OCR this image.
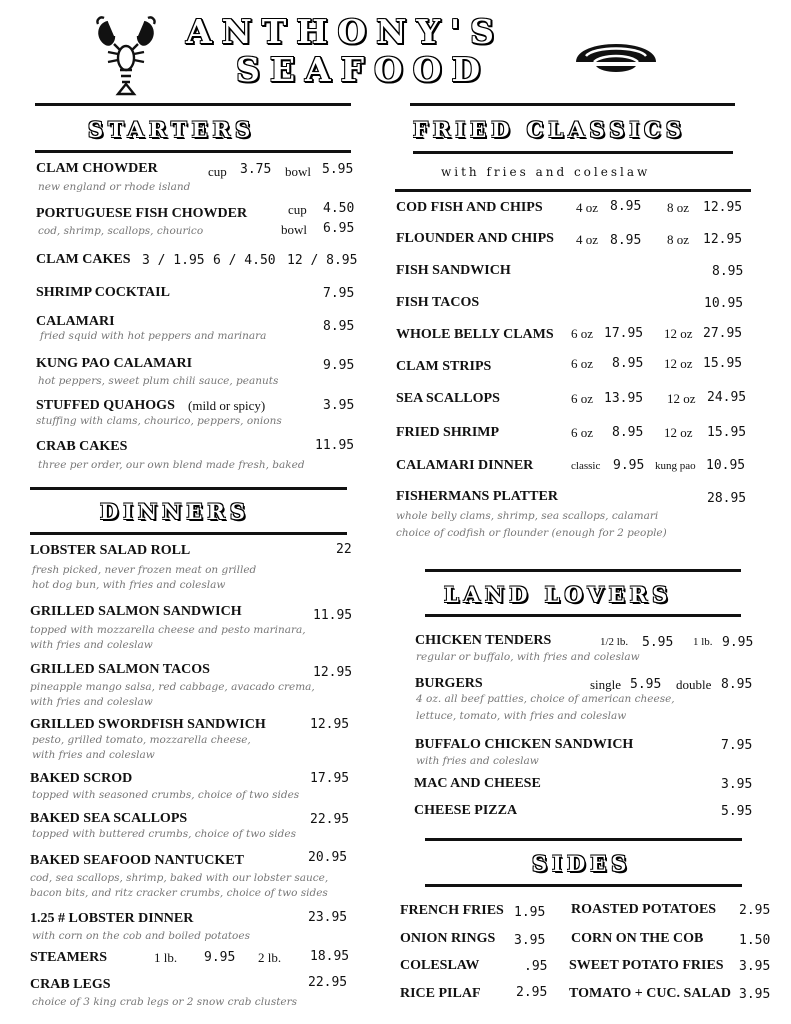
ANTHONY'S
SEAFOOD
STARTERS
CLAM CHOWDER	cup 3.75 bowl 5.95
new england or rhode island
PORTUGUESE FISH CHOWDER	cup 4.50
bowl 6.95
cod, shrimp, scallops, chourico
CLAM CAKES 3 / 1.95 6 / 4.50 12 / 8.95
SHRIMP COCKTAIL	7.95
CALAMARI	8.95
fried squid with hot peppers and marinara
KUNG PAO CALAMARI	9.95
hot peppers, sweet plum chili sauce, peanuts
STUFFED QUAHOGS (mild or spicy)	3.95
stuffing with clams, chourico, peppers, onions
CRAB CAKES	11.95
three per order, our own blend made fresh, baked
DINNERS
LOBSTER SALAD ROLL	22
fresh picked, never frozen meat on grilled
hot dog bun, with fries and coleslaw
GRILLED SALMON SANDWICH	11.95
topped with mozzarella cheese and pesto marinara,
with fries and coleslaw
GRILLED SALMON TACOS	12.95
pineapple mango salsa, red cabbage, avacado crema,
with fries and coleslaw
GRILLED SWORDFISH SANDWICH	12.95
pesto, grilled tomato, mozzarella cheese,
with fries and coleslaw
BAKED SCROD	17.95
topped with seasoned crumbs, choice of two sides
BAKED SEA SCALLOPS	22.95
topped with buttered crumbs, choice of two sides
BAKED SEAFOOD NANTUCKET	20.95
cod, sea scallops, shrimp, baked with our lobster sauce,
bacon bits, and ritz cracker crumbs, choice of two sides
1.25 # LOBSTER DINNER	23.95
with corn on the cob and boiled potatoes
STEAMERS	1 lb. 9.95 2 lb. 18.95
CRAB LEGS	22.95
choice of 3 king crab legs or 2 snow crab clusters
FRIED CLASSICS
with fries and coleslaw
COD FISH AND CHIPS	4 oz 8.95 8 oz 12.95
FLOUNDER AND CHIPS 4 oz 8.95 8 oz 12.95
FISH SANDWICH	8.95
FISH TACOS	10.95
WHOLE BELLY CLAMS 6 oz 17.95 12 oz 27.95
CLAM STRIPS	6 oz 8.95 12 oz 15.95
SEA SCALLOPS	6 oz 13.95 12 oz 24.95
FRIED SHRIMP	6 oz 8.95 12 oz 15.95
CALAMARI DINNER	classic 9.95 kung pao 10.95
FISHERMANS PLATTER	28.95
whole belly clams, shrimp, sea scallops, calamari
choice of codfish or flounder (enough for 2 people)
LAND LOVERS
CHICKEN TENDERS	1/2 lb. 5.95 1 lb. 9.95
regular or buffalo, with fries and coleslaw
BURGERS	single 5.95 double 8.95
4 oz. all beef patties, choice of american cheese,
lettuce, tomato, with fries and coleslaw
BUFFALO CHICKEN SANDWICH	7.95
with fries and coleslaw
MAC AND CHEESE	3.95
CHEESE PIZZA	5.95
SIDES
FRENCH FRIES 1.95 ROASTED POTATOES 2.95
ONION RINGS 3.95 CORN ON THE COB	1.50
COLESLAW	.95 SWEET POTATO FRIES 3.95
RICE PILAF	2.95 TOMATO + CUC. SALAD 3.95
